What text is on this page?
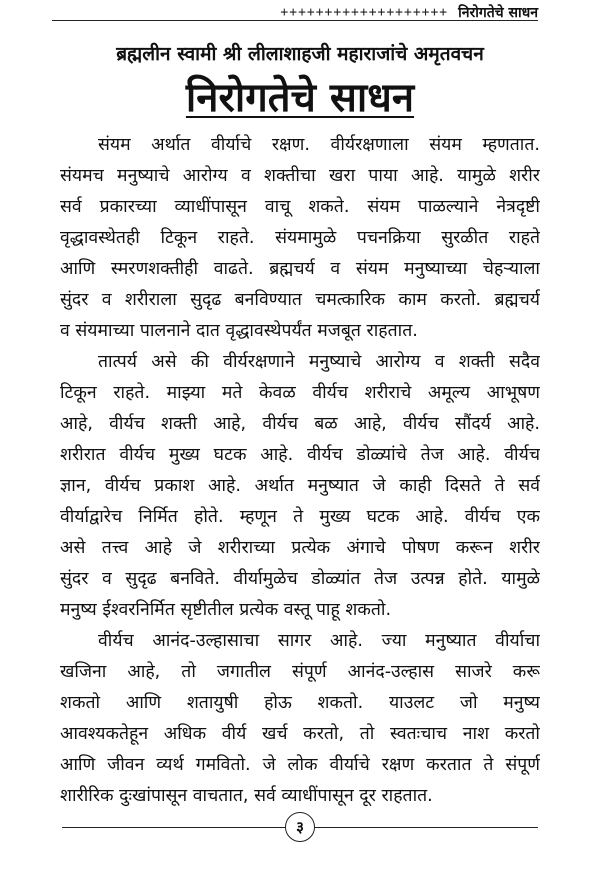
+++++++++++++++++++ निरोगतेचे साधन
ब्रह्मलीन स्वामी श्री लीलाशाहजी महाराजांचे अमृतवचन
निरोगतेचे साधन
संयम अर्थात वीर्याचे रक्षण. वीर्यरक्षणाला संयम म्हणतात.
संयमच मनुष्याचे आरोग्य व शक्तीचा खरा पाया आहे. यामुळे शरीर
सर्व प्रकारच्या व्याधींपासून वाचू शकते. संयम पाळल्याने नेत्रदृष्टी
वृद्धावस्थेतही टिकून राहते. संयमामुळे पचनक्रिया सुरळीत राहते
आणि स्मरणशक्तीही वाढते. ब्रह्मचर्य व संयम मनुष्याच्या चेहऱ्याला
सुंदर व शरीराला सुदृढ बनविण्यात चमत्कारिक काम करतो. ब्रह्मचर्य
व संयमाच्या पालनाने दात वृद्धावस्थेपर्यंत मजबूत राहतात.
तात्पर्य असे की वीर्यरक्षणाने मनुष्याचे आरोग्य व शक्ती सदैव
टिकून राहते. माझ्या मते केवळ वीर्यच शरीराचे अमूल्य आभूषण
आहे, वीर्यच शक्ती आहे, वीर्यच बळ आहे, वीर्यच सौंदर्य आहे.
शरीरात वीर्यच मुख्य घटक आहे. वीर्यच डोळ्यांचे तेज आहे. वीर्यच
ज्ञान, वीर्यच प्रकाश आहे. अर्थात मनुष्यात जे काही दिसते ते सर्व
वीर्याद्वारेच निर्मित होते. म्हणून ते मुख्य घटक आहे. वीर्यच एक
असे तत्त्व आहे जे शरीराच्या प्रत्येक अंगाचे पोषण करून शरीर
सुंदर व सुदृढ बनविते. वीर्यामुळेच डोळ्यांत तेज उत्पन्न होते. यामुळे
मनुष्य ईश्वरनिर्मित सृष्टीतील प्रत्येक वस्तू पाहू शकतो.
वीर्यच आनंद-उल्हासाचा सागर आहे. ज्या मनुष्यात वीर्याचा
खजिना आहे, तो जगातील संपूर्ण आनंद-उल्हास साजरे करू
शकतो आणि शतायुषी होऊ शकतो. याउलट जो मनुष्य
आवश्यकतेहून अधिक वीर्य खर्च करतो, तो स्वतःचाच नाश करतो
आणि जीवन व्यर्थ गमवितो. जे लोक वीर्याचे रक्षण करतात ते संपूर्ण
शारीरिक दुःखांपासून वाचतात, सर्व व्याधींपासून दूर राहतात.
३
